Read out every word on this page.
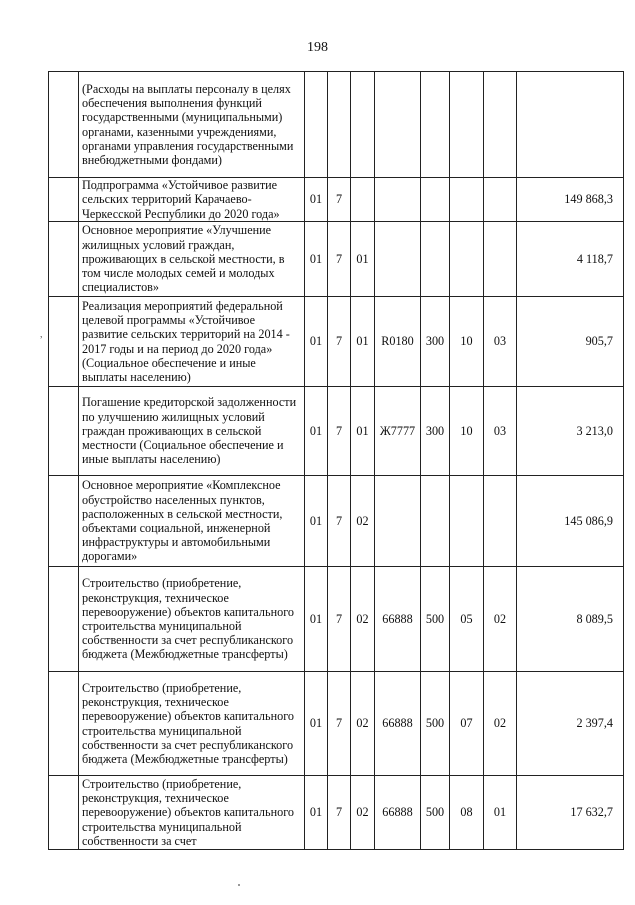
198
,
	(Расходы на выплаты персоналу в целях обеспечения выполнения функций государственными (муниципальными) органами, казенными учреждениями, органами управления государственными внебюджетными фондами)								
	Подпрограмма «Устойчивое развитие сельских территорий Карачаево-Черкесской Республики до 2020 года»	01	7						149 868,3
	Основное мероприятие «Улучшение жилищных условий граждан, проживающих в сельской местности, в том числе молодых семей и молодых специалистов»	01	7	01					4 118,7
	Реализация мероприятий федеральной целевой программы «Устойчивое развитие сельских территорий на 2014 - 2017 годы и на период до 2020 года» (Социальное обеспечение и иные выплаты населению)	01	7	01	R0180	300	10	03	905,7
	Погашение кредиторской задолженности по улучшению жилищных условий граждан проживающих в сельской местности (Социальное обеспечение и иные выплаты населению)	01	7	01	Ж7777	300	10	03	3 213,0
	Основное мероприятие «Комплексное обустройство населенных пунктов, расположенных в сельской местности, объектами социальной, инженерной инфраструктуры и автомобильными дорогами»	01	7	02					145 086,9
	Строительство (приобретение, реконструкция, техническое перевооружение) объектов капитального строительства муниципальной собственности за счет республиканского бюджета (Межбюджетные трансферты)	01	7	02	66888	500	05	02	8 089,5
	Строительство (приобретение, реконструкция, техническое перевооружение) объектов капитального строительства муниципальной собственности за счет республиканского бюджета (Межбюджетные трансферты)	01	7	02	66888	500	07	02	2 397,4
	Строительство (приобретение, реконструкция, техническое перевооружение) объектов капитального строительства муниципальной собственности за счет	01	7	02	66888	500	08	01	17 632,7
